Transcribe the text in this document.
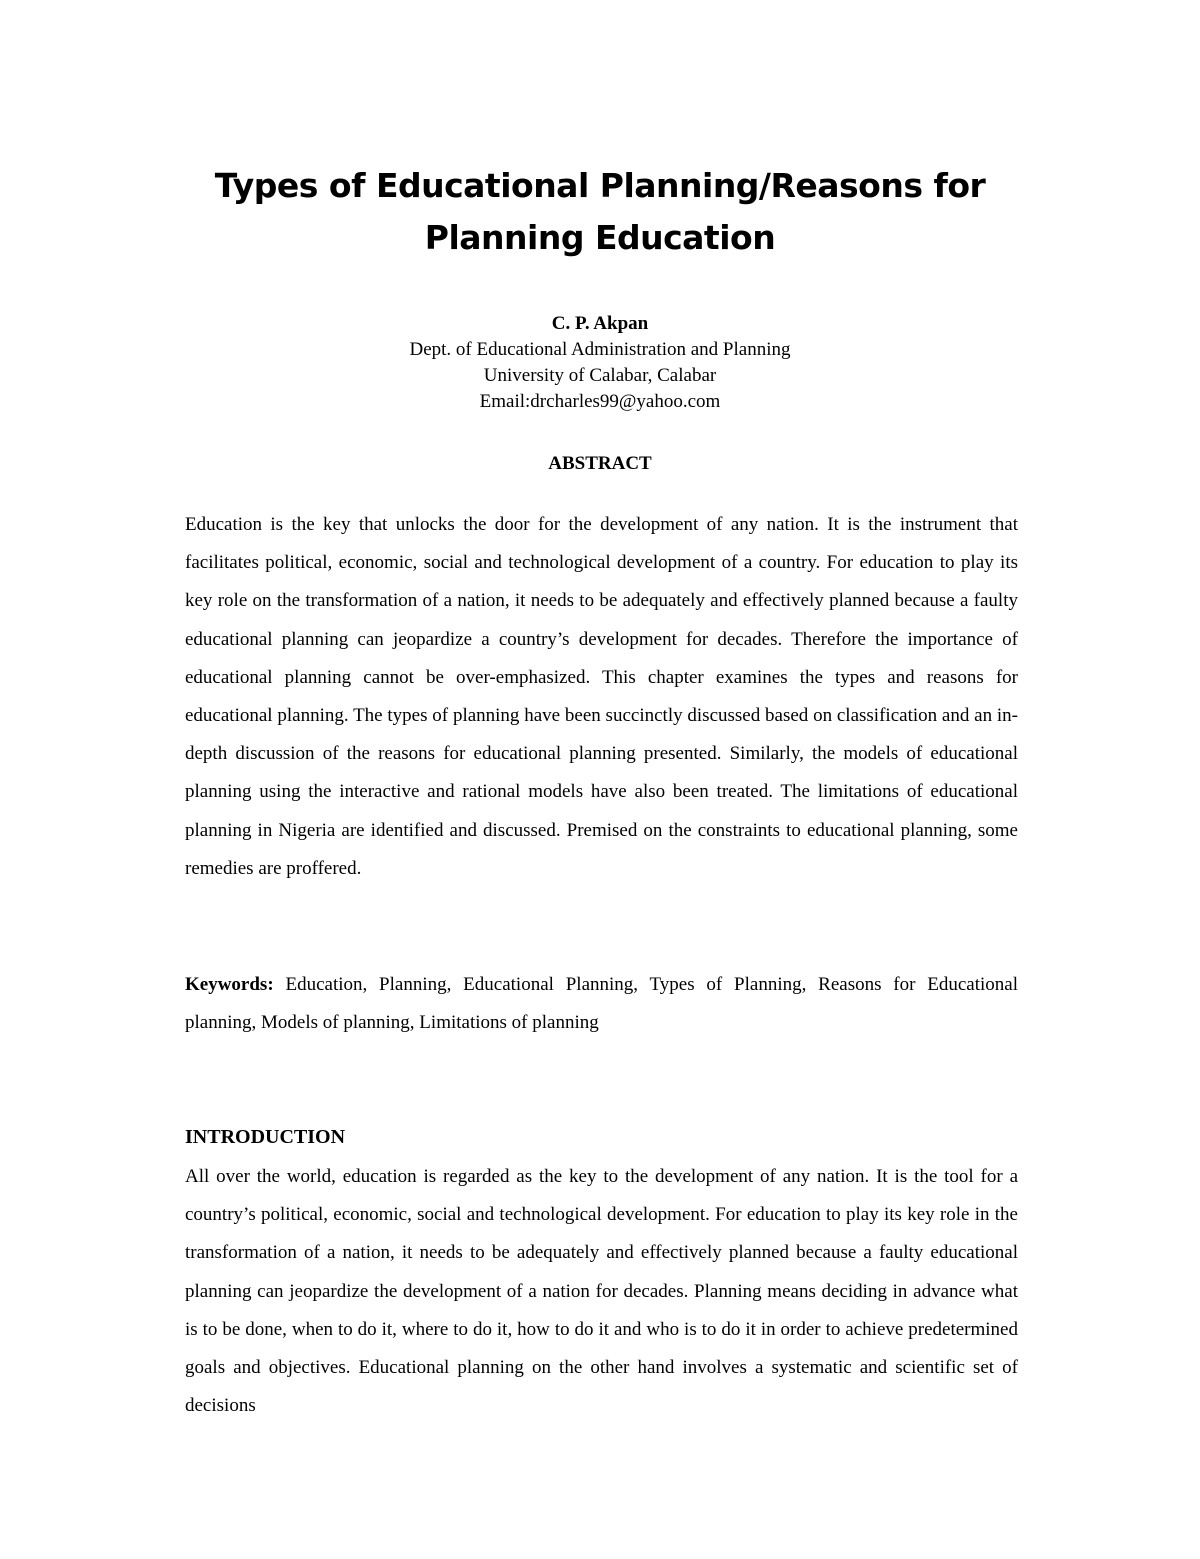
Types of Educational Planning/Reasons for
Planning Education
C. P. Akpan
Dept. of Educational Administration and Planning
University of Calabar, Calabar
Email:drcharles99@yahoo.com
ABSTRACT

Education is the key that unlocks the door for the development of any nation. It is the instrument that facilitates political, economic, social and technological development of a country. For education to play its key role on the transformation of a nation, it needs to be adequately and effectively planned because a faulty educational planning can jeopardize a country’s development for decades. Therefore the importance of educational planning cannot be over-emphasized. This chapter examines the types and reasons for educational planning. The types of planning have been succinctly discussed based on classification and an in-depth discussion of the reasons for educational planning presented. Similarly, the models of educational planning using the interactive and rational models have also been treated. The limitations of educational planning in Nigeria are identified and discussed. Premised on the constraints to educational planning, some remedies are proffered.

Keywords: Education, Planning, Educational Planning, Types of Planning, Reasons for Educational planning, Models of planning, Limitations of planning

INTRODUCTION

All over the world, education is regarded as the key to the development of any nation. It is the tool for a country’s political, economic, social and technological development. For education to play its key role in the transformation of a nation, it needs to be adequately and effectively planned because a faulty educational planning can jeopardize the development of a nation for decades. Planning means deciding in advance what is to be done, when to do it, where to do it, how to do it and who is to do it in order to achieve predetermined goals and objectives. Educational planning on the other hand involves a systematic and scientific set of decisions
